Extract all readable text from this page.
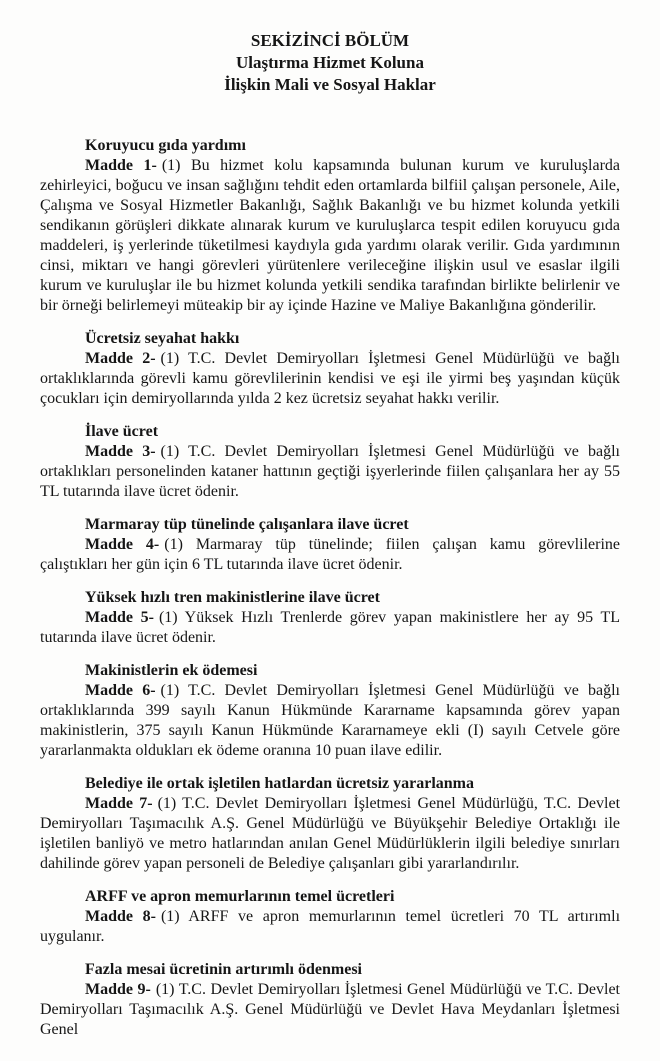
SEKİZİNCİ BÖLÜM
Ulaştırma Hizmet Koluna
İlişkin Mali ve Sosyal Haklar

Koruyucu gıda yardımı

Madde 1- (1) Bu hizmet kolu kapsamında bulunan kurum ve kuruluşlarda zehirleyici, boğucu ve insan sağlığını tehdit eden ortamlarda bilfiil çalışan personele, Aile, Çalışma ve Sosyal Hizmetler Bakanlığı, Sağlık Bakanlığı ve bu hizmet kolunda yetkili sendikanın görüşleri dikkate alınarak kurum ve kuruluşlarca tespit edilen koruyucu gıda maddeleri, iş yerlerinde tüketilmesi kaydıyla gıda yardımı olarak verilir. Gıda yardımının cinsi, miktarı ve hangi görevleri yürütenlere verileceğine ilişkin usul ve esaslar ilgili kurum ve kuruluşlar ile bu hizmet kolunda yetkili sendika tarafından birlikte belirlenir ve bir örneği belirlemeyi müteakip bir ay içinde Hazine ve Maliye Bakanlığına gönderilir.

Ücretsiz seyahat hakkı

Madde 2- (1) T.C. Devlet Demiryolları İşletmesi Genel Müdürlüğü ve bağlı ortaklıklarında görevli kamu görevlilerinin kendisi ve eşi ile yirmi beş yaşından küçük çocukları için demiryollarında yılda 2 kez ücretsiz seyahat hakkı verilir.

İlave ücret

Madde 3- (1) T.C. Devlet Demiryolları İşletmesi Genel Müdürlüğü ve bağlı ortaklıkları personelinden kataner hattının geçtiği işyerlerinde fiilen çalışanlara her ay 55 TL tutarında ilave ücret ödenir.

Marmaray tüp tünelinde çalışanlara ilave ücret

Madde 4- (1) Marmaray tüp tünelinde; fiilen çalışan kamu görevlilerine çalıştıkları her gün için 6 TL tutarında ilave ücret ödenir.

Yüksek hızlı tren makinistlerine ilave ücret

Madde 5- (1) Yüksek Hızlı Trenlerde görev yapan makinistlere her ay 95 TL tutarında ilave ücret ödenir.

Makinistlerin ek ödemesi

Madde 6- (1) T.C. Devlet Demiryolları İşletmesi Genel Müdürlüğü ve bağlı ortaklıklarında 399 sayılı Kanun Hükmünde Kararname kapsamında görev yapan makinistlerin, 375 sayılı Kanun Hükmünde Kararnameye ekli (I) sayılı Cetvele göre yararlanmakta oldukları ek ödeme oranına 10 puan ilave edilir.

Belediye ile ortak işletilen hatlardan ücretsiz yararlanma

Madde 7- (1) T.C. Devlet Demiryolları İşletmesi Genel Müdürlüğü, T.C. Devlet Demiryolları Taşımacılık A.Ş. Genel Müdürlüğü ve Büyükşehir Belediye Ortaklığı ile işletilen banliyö ve metro hatlarından anılan Genel Müdürlüklerin ilgili belediye sınırları dahilinde görev yapan personeli de Belediye çalışanları gibi yararlandırılır.

ARFF ve apron memurlarının temel ücretleri

Madde 8- (1) ARFF ve apron memurlarının temel ücretleri 70 TL artırımlı uygulanır.

Fazla mesai ücretinin artırımlı ödenmesi

Madde 9- (1) T.C. Devlet Demiryolları İşletmesi Genel Müdürlüğü ve T.C. Devlet Demiryolları Taşımacılık A.Ş. Genel Müdürlüğü ve Devlet Hava Meydanları İşletmesi Genel
